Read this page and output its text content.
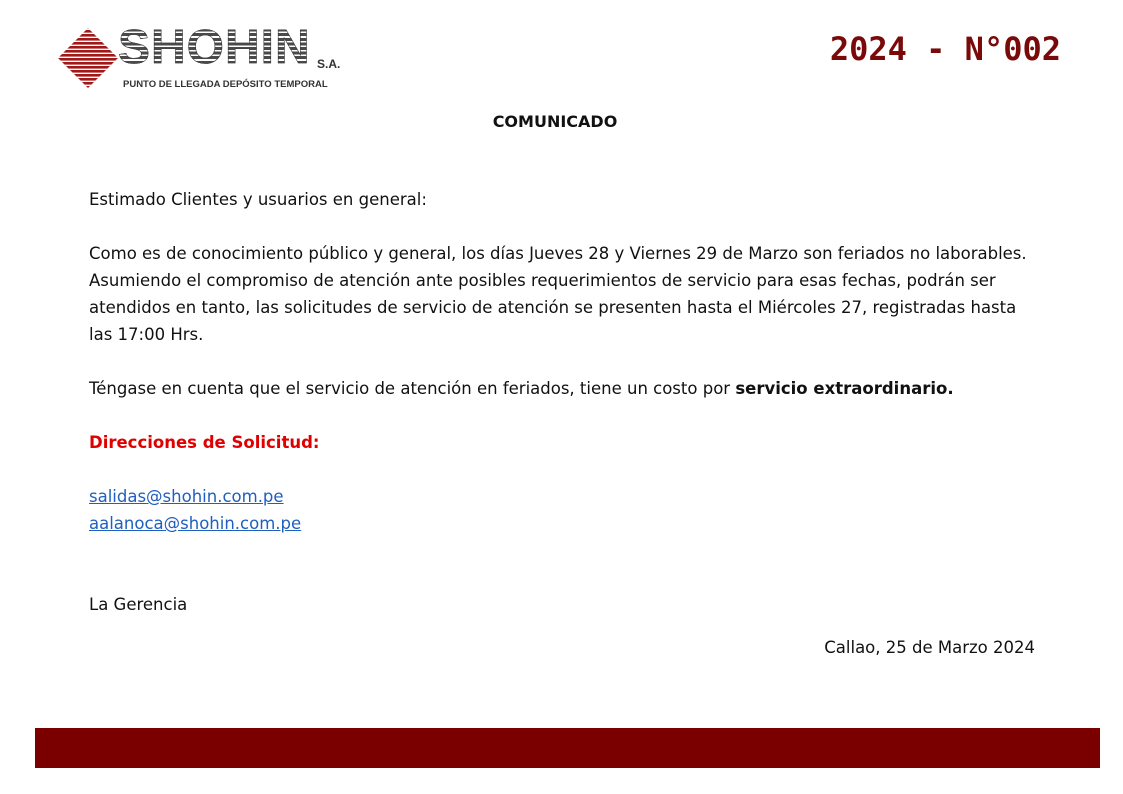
SHOHIN S.A.
PUNTO DE LLEGADA DEPÓSITO TEMPORAL
2024 - N°002
COMUNICADO

Estimado Clientes y usuarios en general:

Como es de conocimiento público y general, los días Jueves 28 y Viernes 29 de Marzo son feriados no laborables. Asumiendo el compromiso de atención ante posibles requerimientos de servicio para esas fechas, podrán ser atendidos en tanto, las solicitudes de servicio de atención se presenten hasta el Miércoles 27, registradas hasta las 17:00 Hrs.

Téngase en cuenta que el servicio de atención en feriados, tiene un costo por servicio extraordinario.

Direcciones de Solicitud:

salidas@shohin.com.pe
aalanoca@shohin.com.pe

La Gerencia

Callao, 25 de Marzo 2024
